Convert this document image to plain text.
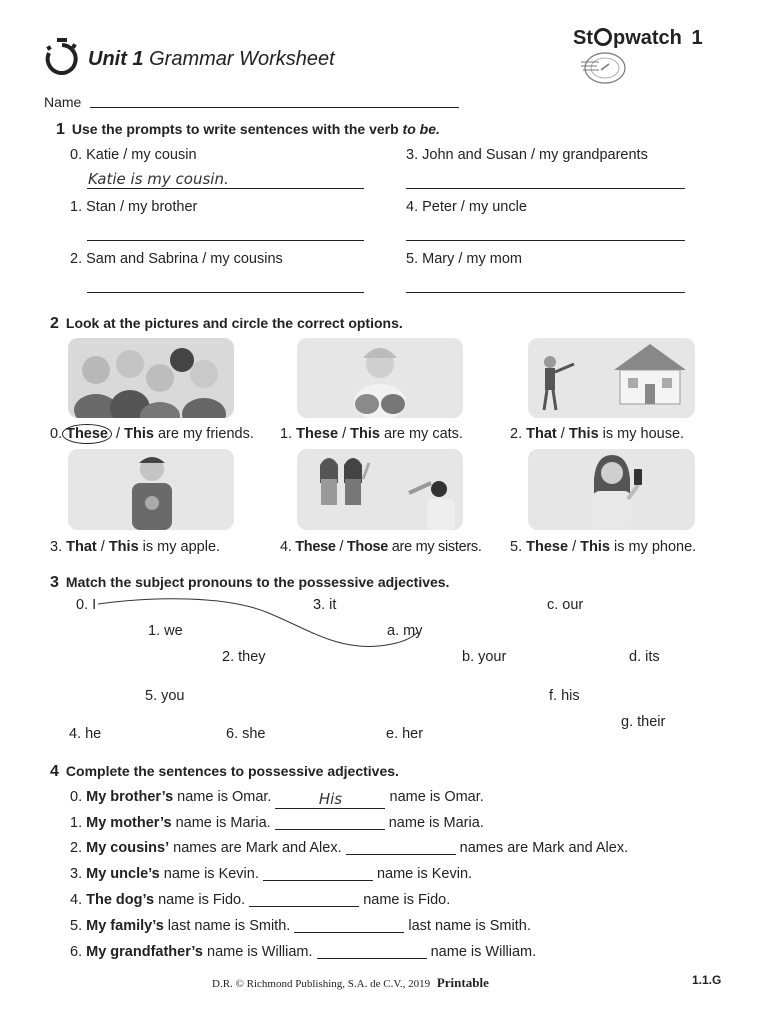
Unit 1 Grammar Worksheet
St pwatch 1
Name
1 Use the prompts to write sentences with the verb to be.
0. Katie / my cousin
Katie is my cousin.
1. Stan / my brother
2. Sam and Sabrina / my cousins
3. John and Susan / my grandparents
4. Peter / my uncle
5. Mary / my mom
2 Look at the pictures and circle the correct options.
0. These / This are my friends. 1. These / This are my cats.	2. That / This is my house.
3. That / This is my apple.	4. These / Those are my sisters. 5. These / This is my phone.
3 Match the subject pronouns to the possessive adjectives.
0. I	3. it	c. our
1. we	a. my
2. they	b. your	d. its
5. you	f. his
g. their
4. he	6. she	e. her
4 Complete the sentences to possessive adjectives.
0. My brother’s name is Omar.	His	name is Omar.
1. My mother’s name is Maria.	name is Maria.
2. My cousins’ names are Mark and Alex.	names are Mark and Alex.
3. My uncle’s name is Kevin.	name is Kevin.
4. The dog’s name is Fido.	name is Fido.
5. My family’s last name is Smith.	last name is Smith.
6. My grandfather’s name is William.	name is William.
D.R. © Richmond Publishing, S.A. de C.V., 2019 Printable	1.1.G
